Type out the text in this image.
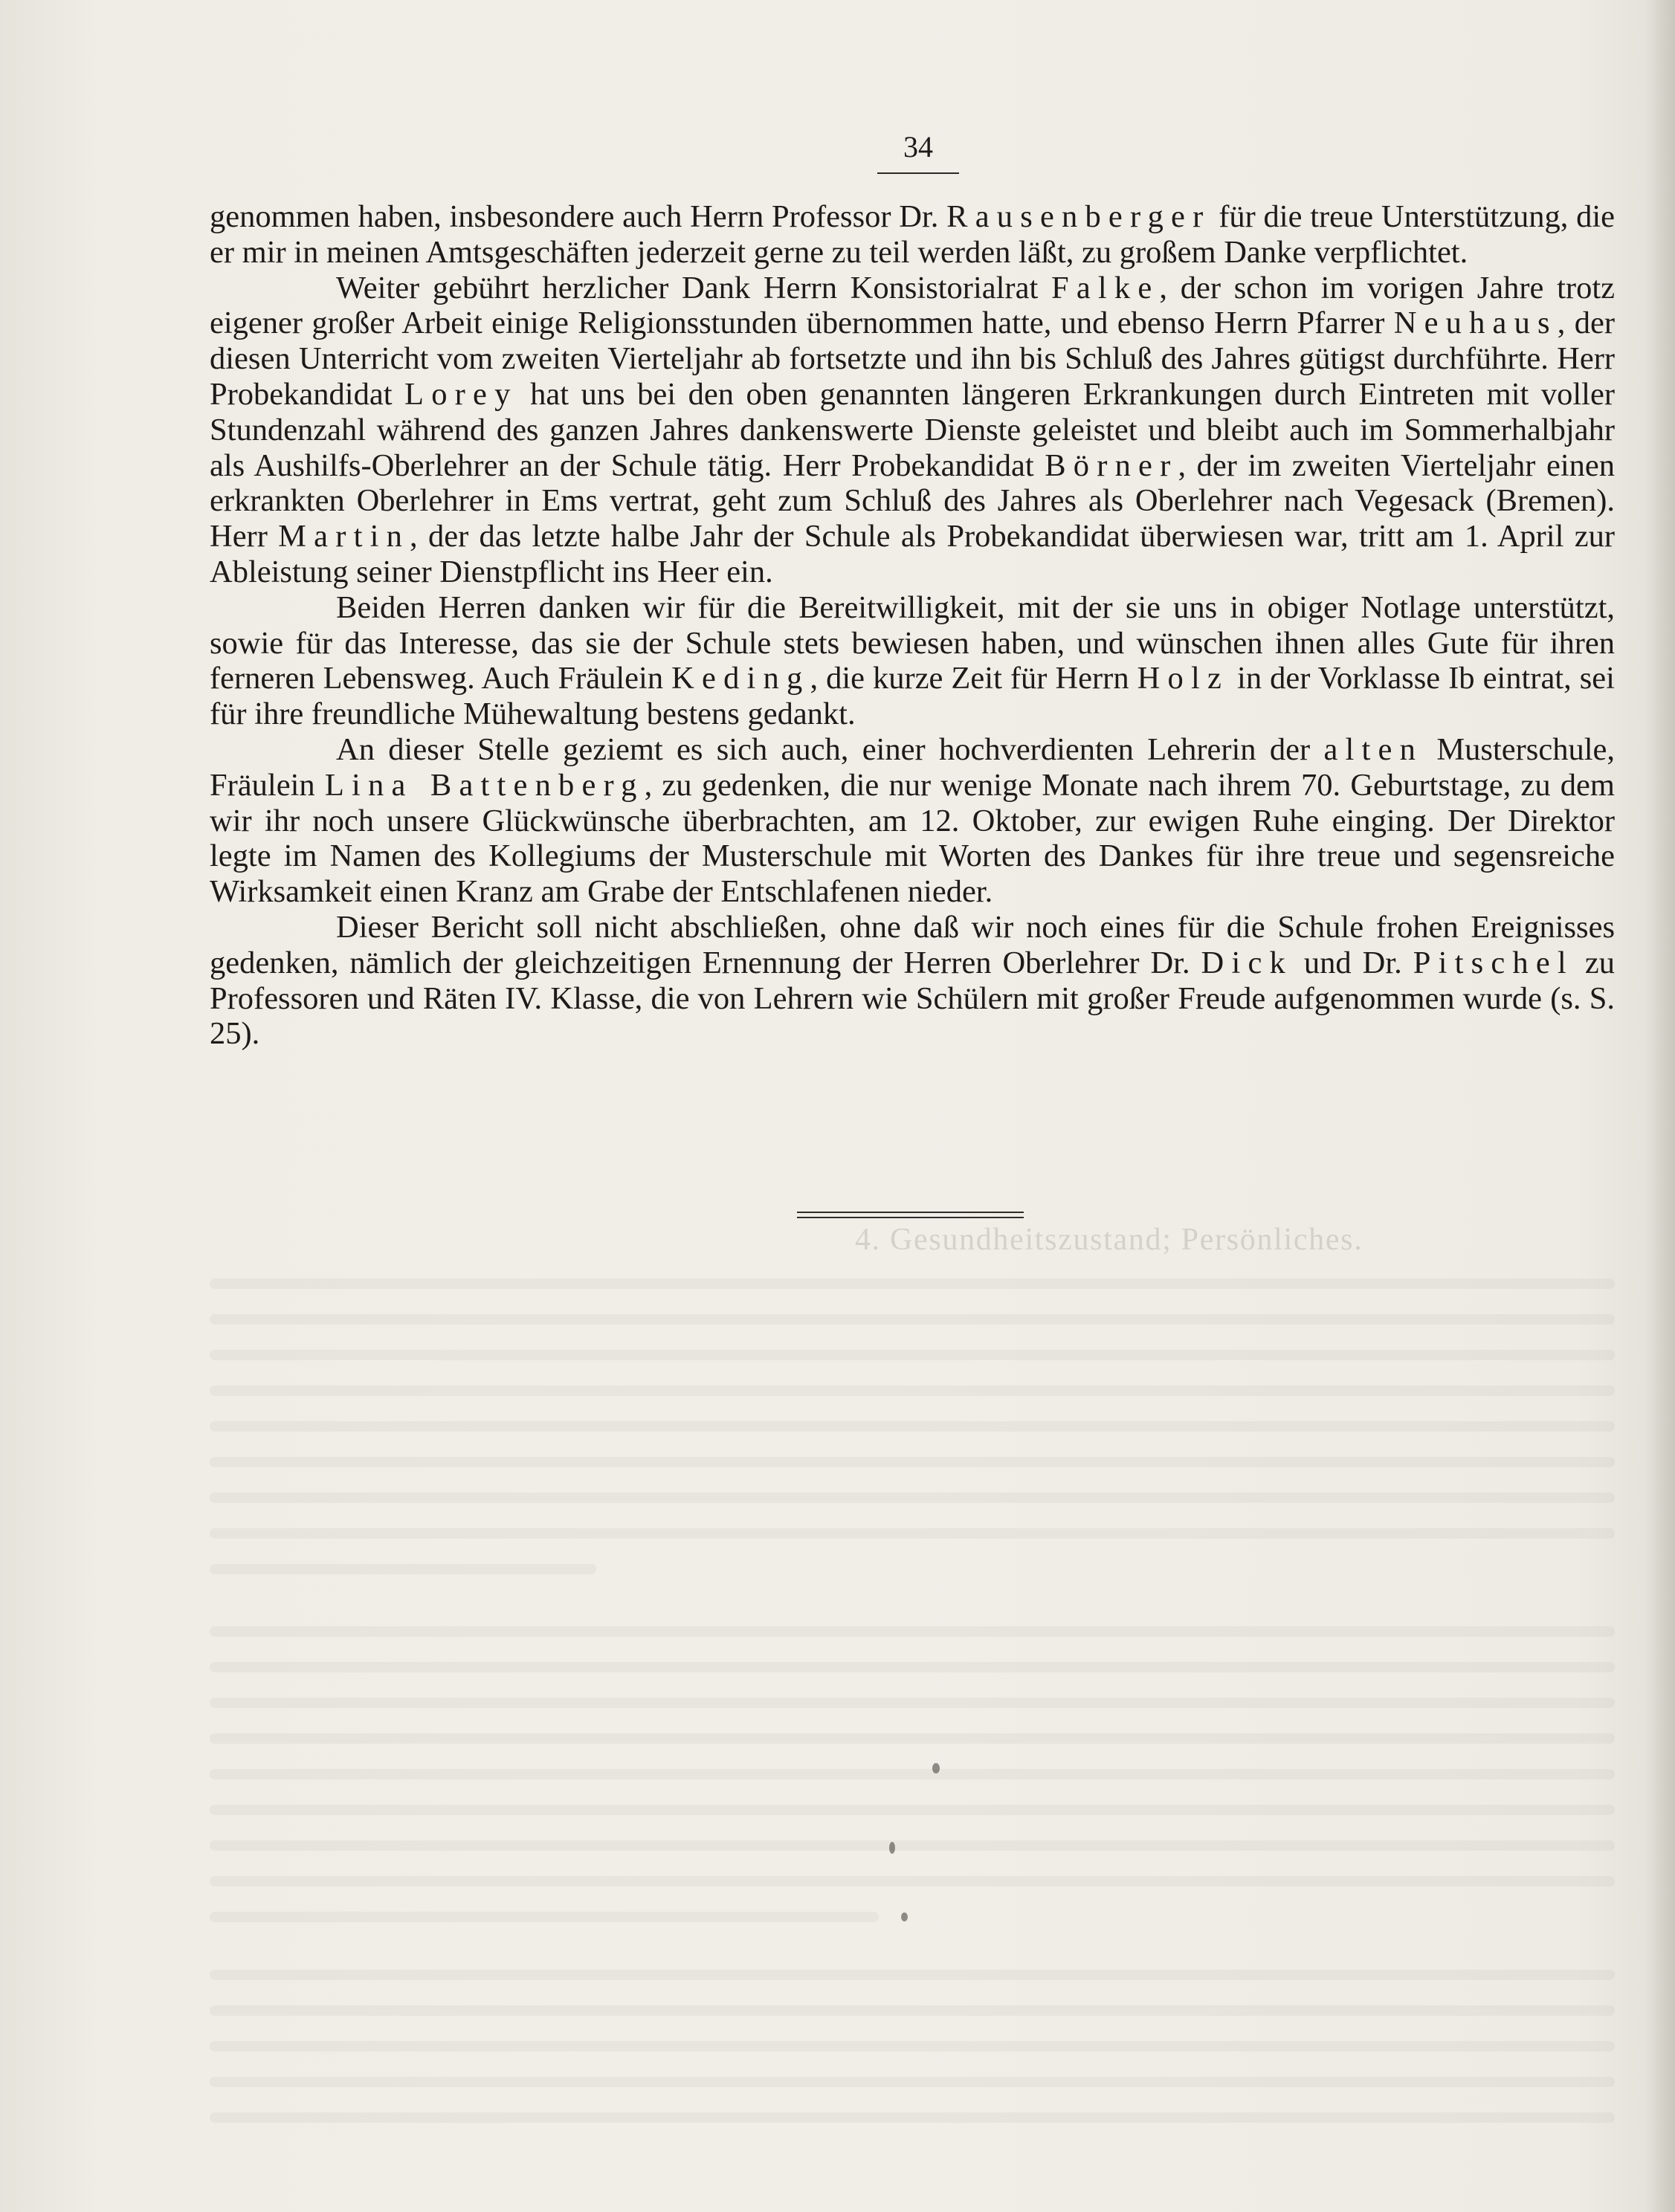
34

genommen haben, insbesondere auch Herrn Professor Dr. Rausenberger für die treue Unterstützung, die er mir in meinen Amtsgeschäften jederzeit gerne zu teil werden läßt, zu großem Danke verpflichtet.

Weiter gebührt herzlicher Dank Herrn Konsistorialrat Falke, der schon im vorigen Jahre trotz eigener großer Arbeit einige Religionsstunden übernommen hatte, und ebenso Herrn Pfarrer Neuhaus, der diesen Unterricht vom zweiten Vierteljahr ab fortsetzte und ihn bis Schluß des Jahres gütigst durchführte. Herr Probekandidat Lorey hat uns bei den oben genannten längeren Erkrankungen durch Eintreten mit voller Stundenzahl während des ganzen Jahres dankenswerte Dienste geleistet und bleibt auch im Sommerhalbjahr als Aushilfs-Oberlehrer an der Schule tätig. Herr Probekandidat Börner, der im zweiten Vierteljahr einen erkrankten Oberlehrer in Ems vertrat, geht zum Schluß des Jahres als Oberlehrer nach Vegesack (Bremen). Herr Martin, der das letzte halbe Jahr der Schule als Probekandidat überwiesen war, tritt am 1. April zur Ableistung seiner Dienstpflicht ins Heer ein.

Beiden Herren danken wir für die Bereitwilligkeit, mit der sie uns in obiger Notlage unterstützt, sowie für das Interesse, das sie der Schule stets bewiesen haben, und wünschen ihnen alles Gute für ihren ferneren Lebensweg. Auch Fräulein Keding, die kurze Zeit für Herrn Holz in der Vorklasse Ib eintrat, sei für ihre freundliche Mühewaltung bestens gedankt.

An dieser Stelle geziemt es sich auch, einer hochverdienten Lehrerin der alten Musterschule, Fräulein Lina Battenberg, zu gedenken, die nur wenige Monate nach ihrem 70. Geburtstage, zu dem wir ihr noch unsere Glückwünsche überbrachten, am 12. Oktober, zur ewigen Ruhe einging. Der Direktor legte im Namen des Kollegiums der Musterschule mit Worten des Dankes für ihre treue und segensreiche Wirksamkeit einen Kranz am Grabe der Entschlafenen nieder.

Dieser Bericht soll nicht abschließen, ohne daß wir noch eines für die Schule frohen Ereignisses gedenken, nämlich der gleichzeitigen Ernennung der Herren Oberlehrer Dr. Dick und Dr. Pitschel zu Professoren und Räten IV. Klasse, die von Lehrern wie Schülern mit großer Freude aufgenommen wurde (s. S. 25).

4. Gesundheitszustand; Persönliches.
